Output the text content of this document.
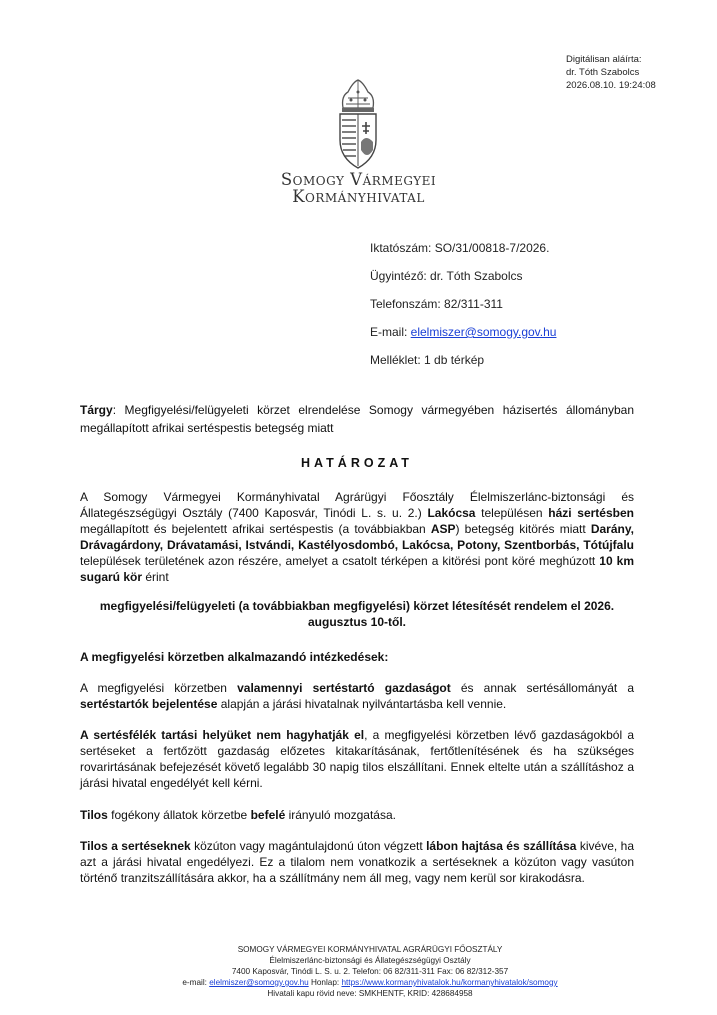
Digitálisan aláírta:
dr. Tóth Szabolcs
2026.08.10. 19:24:08
Somogy Vármegyei
Kormányhivatal
Iktatószám: SO/31/00818-7/2026.
Ügyintéző: dr. Tóth Szabolcs
Telefonszám: 82/311-311
E-mail: elelmiszer@somogy.gov.hu
Melléklet: 1 db térkép
Tárgy: Megfigyelési/felügyeleti körzet elrendelése Somogy vármegyében házisertés állományban megállapított afrikai sertéspestis betegség miatt
HATÁROZAT
A Somogy Vármegyei Kormányhivatal Agrárügyi Főosztály Élelmiszerlánc-biztonsági és Állategészségügyi Osztály (7400 Kaposvár, Tinódi L. s. u. 2.) Lakócsa településen házi sertésben megállapított és bejelentett afrikai sertéspestis (a továbbiakban ASP) betegség kitörés miatt Darány, Drávagárdony, Drávatamási, Istvándi, Kastélyosdombó, Lakócsa, Potony, Szentborbás, Tótújfalu települések területének azon részére, amelyet a csatolt térképen a kitörési pont köré meghúzott 10 km sugarú kör érint
megfigyelési/felügyeleti (a továbbiakban megfigyelési) körzet létesítését rendelem el 2026. augusztus 10-től.
A megfigyelési körzetben alkalmazandó intézkedések:
A megfigyelési körzetben valamennyi sertéstartó gazdaságot és annak sertésállományát a sertéstartók bejelentése alapján a járási hivatalnak nyilvántartásba kell vennie.
A sertésfélék tartási helyüket nem hagyhatják el, a megfigyelési körzetben lévő gazdaságokból a sertéseket a fertőzött gazdaság előzetes kitakarításának, fertőtlenítésének és ha szükséges rovarirtásának befejezését követő legalább 30 napig tilos elszállítani. Ennek eltelte után a szállításhoz a járási hivatal engedélyét kell kérni.
Tilos fogékony állatok körzetbe befelé irányuló mozgatása.
Tilos a sertéseknek közúton vagy magántulajdonú úton végzett lábon hajtása és szállítása kivéve, ha azt a járási hivatal engedélyezi. Ez a tilalom nem vonatkozik a sertéseknek a közúton vagy vasúton történő tranzitszállítására akkor, ha a szállítmány nem áll meg, vagy nem kerül sor kirakodásra.
SOMOGY VÁRMEGYEI KORMÁNYHIVATAL AGRÁRÜGYI FŐOSZTÁLY
Élelmiszerlánc-biztonsági és Állategészségügyi Osztály
7400 Kaposvár, Tinódi L. S. u. 2. Telefon: 06 82/311-311 Fax: 06 82/312-357
e-mail: elelmiszer@somogy.gov.hu Honlap: https://www.kormanyhivatalok.hu/kormanyhivatalok/somogy
Hivatali kapu rövid neve: SMKHENTF, KRID: 428684958
